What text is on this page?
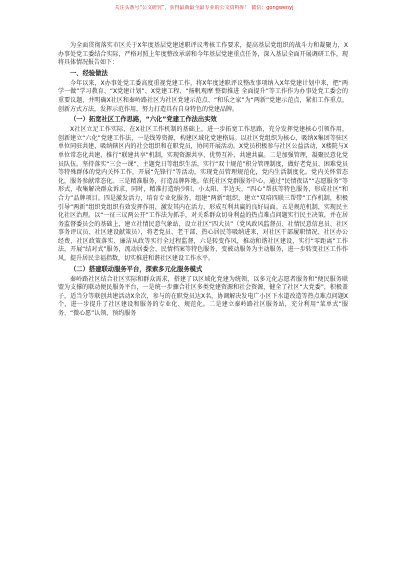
关注头条号“公文研究”，获得最新最全最专业的公文资料库！ 微信：gongwenyj

为全面贯彻落实市区关于X年度基层党建述职评议考核工作要求，提高基层党组织的战斗力和凝聚力，X办事处党工委结合实际，严格对照上年度整改承诺和今年基层党建重点任务，深入基层全面开展调研工作，现将具体情况报告如下：

一、经验做法

今年以来，X办事处党工委高度重视党建工作，将X年度述职评议整改事项纳入X年党建计划中来，把“两学一做”学习教育、“X党建计划”、X党建工程、“扬帆观摩 整街推进 全面提升”等工作作为办事处党工委会的重要议题，并明确X社区和秦岭路社区为社区党建示范点、“和乐之家”为“两新”党建示范点，紧扣工作重点，创新方式方法，发挥示范作用，努力打造具有自身特色的党建品牌。

（一）拓宽社区工作思路，“六化”党建工作法出实效

X社区立足工作实际，在X社区工作机制的基础上，进一步拓宽工作思路，充分发挥党建核心引领作用，创新建立“六化”党建工作法，一是线筹资源，构建区域化党建格局。以社区党组织为核心，吸纳X集团等驻区单位同驻共建，吸纳辖区内的社会组织和在职党员，协同开展活动。X党员积极参与社区公益活动，X楼院与X单位常态化共建，推行“联建共享”机制，实现资源共享、优势互补、共建共赢。二是加强管理，凝聚民意化党员队伍。坚持落实“三会一课”、主题党日等组织生活，实行“双十规范”积分管理制度，做好老党员、困难党员等特殊群体的党内关怀工作，开展“先锋行”等活动，实现党员管理规范化，党内生活制度化。党内关怀常态化，服务参献常态化。三是精准服务，打造品牌阵地。依托社区党群服务中心，通过“民情夜话”“志愿服务”等形式，收集解决群众诉求，同时，精准打造纳少阳、小太阳、半边天、“四心”帮扶等特色服务，形成社区“和合力”品牌项目。四是激发活力，培育专业化服务，组建“两新”组织，建立“双培四联三帮带”工作机制，积极引导“两新”组织党组织有效发挥作用，激发其内在活力，形成互利共赢的良好局面。五是规范机制，实现民主化社区治理。以“一征三议两公开”工作法为抓手，对关系群众切身利益的热点难点问题实行民主决策，并在居务监督委员会的基础上，建立社情民意气象站，设立社区“四大员”（党风政风监督员、社情民意信息员、社区事务评议员、社区建设献策员），将老党员、老干部、热心居民等吸纳进来，对社区干部履职情况、社区办公经费、社区政策落实、廉洁从政等实行全过程监督，六是转变作风，推动和谐社区建设，实行“零距离”工作法，开展“结对式”服务，流动居委会、民情档案等特色服务，变被动服务为主动服务，进一步转变社区工作作风，提升居民幸福指数，切实推进和谐社区建设工作水平。

（二）搭建联动服务平台，探索多元化服务模式

秦岭路社区结合社区实际和群众需求，搭建了以区域化党建为统领，以多元化志愿者服务和“便民服务联盟为支撑的联动便民服务平台，一是统一步骤合社区多类党建资源和社会资源，健全了社区“大党委”，积极盖子，适当分等联创共建活动X余次，参与的在职党员达X名，协调解决发电广小区下水道改造等热点难点问题X个，进一步提升了社区建设和服务的专业化、规范化。二是建立秦岭路社区服务站，充分利用“菜单式”服务、“微心愿”认领、预约服务
